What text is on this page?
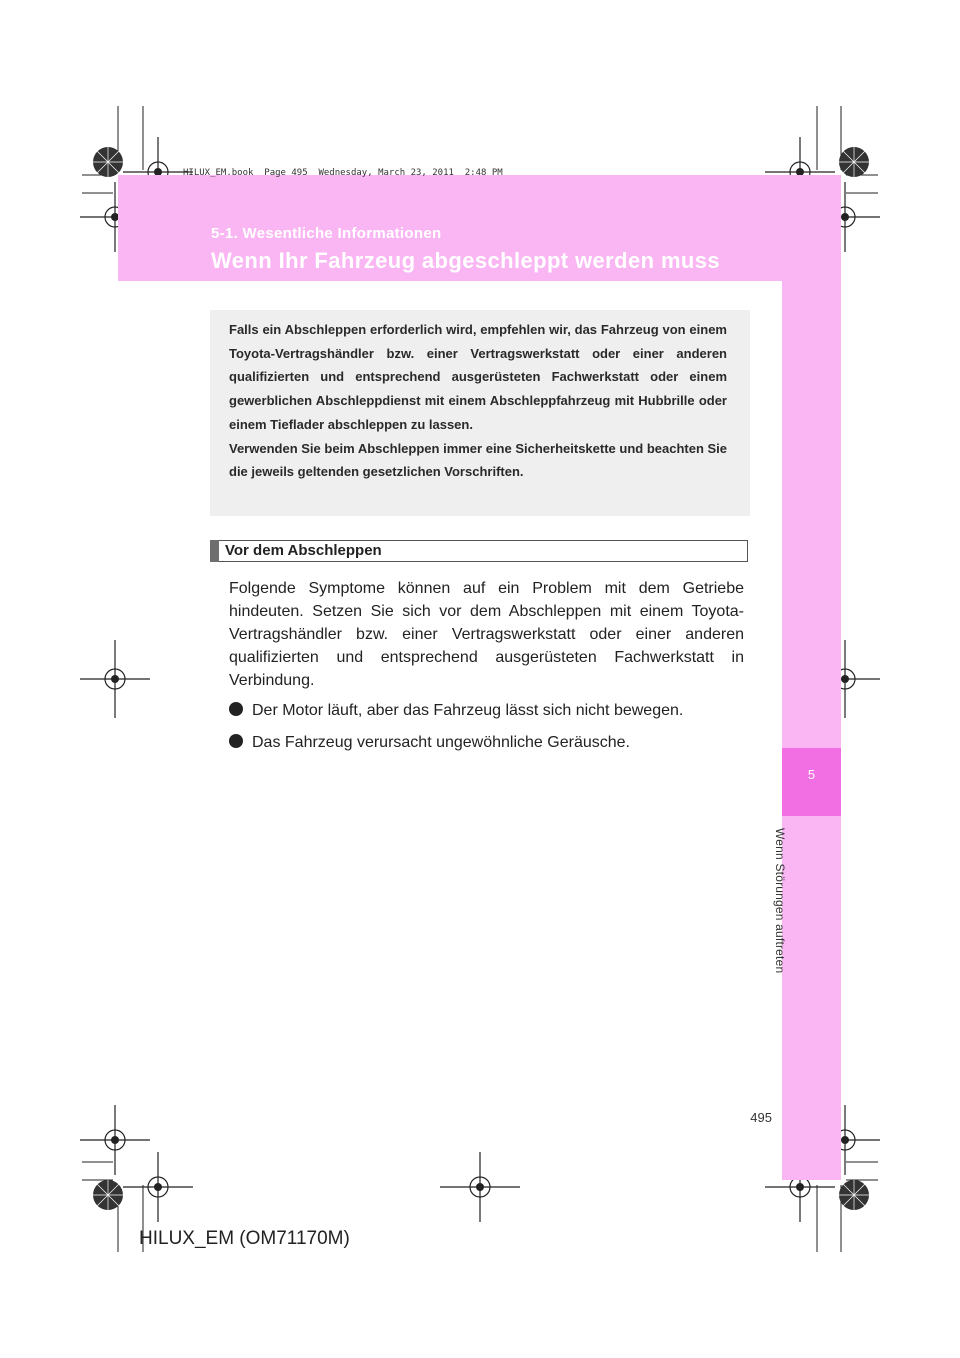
HILUX_EM.book  Page 495  Wednesday, March 23, 2011  2:48 PM
5-1. Wesentliche Informationen
Wenn Ihr Fahrzeug abgeschleppt werden muss
5
Wenn Störungen auftreten

Falls ein Abschleppen erforderlich wird, empfehlen wir, das Fahrzeug von einem Toyota-Vertragshändler bzw. einer Vertragswerkstatt oder einer anderen qualifizierten und entsprechend ausgerüsteten Fachwerkstatt oder einem gewerblichen Abschleppdienst mit einem Abschleppfahrzeug mit Hubbrille oder einem Tieflader abschleppen zu lassen.

Verwenden Sie beim Abschleppen immer eine Sicherheitskette und beachten Sie die jeweils geltenden gesetzlichen Vorschriften.

Vor dem Abschleppen
Folgende Symptome können auf ein Problem mit dem Getriebe hindeuten. Setzen Sie sich vor dem Abschleppen mit einem Toyota-Vertragshändler bzw. einer Vertragswerkstatt oder einer anderen qualifizierten und entsprechend ausgerüsteten Fachwerkstatt in Verbindung.
Der Motor läuft, aber das Fahrzeug lässt sich nicht bewegen.
Das Fahrzeug verursacht ungewöhnliche Geräusche.
495
HILUX_EM (OM71170M)
